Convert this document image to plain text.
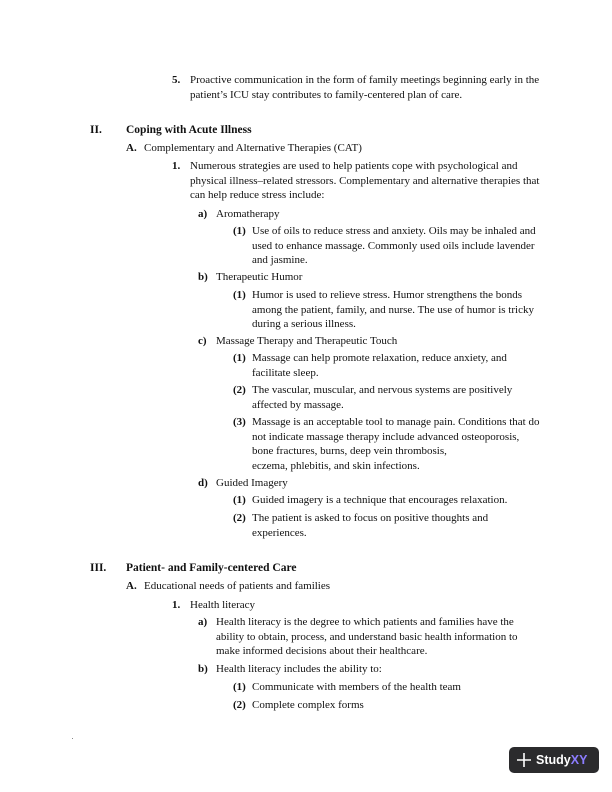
5. Proactive communication in the form of family meetings beginning early in the
patient’s ICU stay contributes to family-centered plan of care.
II. Coping with Acute Illness
A. Complementary and Alternative Therapies (CAT)
1. Numerous strategies are used to help patients cope with psychological and
physical illness–related stressors. Complementary and alternative therapies that
can help reduce stress include:
a) Aromatherapy
(1) Use of oils to reduce stress and anxiety. Oils may be inhaled and
used to enhance massage. Commonly used oils include lavender
and jasmine.
b) Therapeutic Humor
(1) Humor is used to relieve stress. Humor strengthens the bonds
among the patient, family, and nurse. The use of humor is tricky
during a serious illness.
c) Massage Therapy and Therapeutic Touch
(1) Massage can help promote relaxation, reduce anxiety, and
facilitate sleep.
(2) The vascular, muscular, and nervous systems are positively
affected by massage.
(3) Massage is an acceptable tool to manage pain. Conditions that do
not indicate massage therapy include advanced osteoporosis,
bone fractures, burns, deep vein thrombosis,
eczema, phlebitis, and skin infections.
d) Guided Imagery
(1) Guided imagery is a technique that encourages relaxation.
(2) The patient is asked to focus on positive thoughts and
experiences.
III. Patient- and Family-centered Care
A. Educational needs of patients and families
1. Health literacy
a) Health literacy is the degree to which patients and families have the
ability to obtain, process, and understand basic health information to
make informed decisions about their healthcare.
b) Health literacy includes the ability to:
(1) Communicate with members of the health team
(2) Complete complex forms
StudyXY
